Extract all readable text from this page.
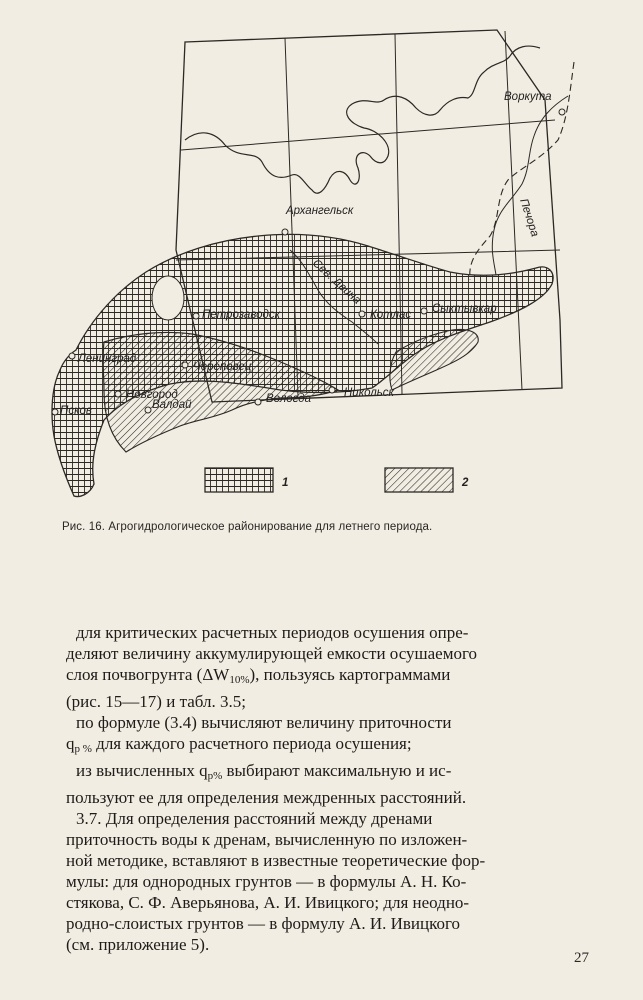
Воркута
Архангельск
Петрозаводск	Котлас Сыктывкар
Ленинград
Череповец
Новгород
Псков	Валдай	Вологда	Никольск
Печора
Сев. Двина
1	2
Рис. 16. Агрогидрологическое районирование для летнего периода.
для критических расчетных периодов осушения опре-
деляют величину аккумулирующей емкости осушаемого
слоя почвогрунта $(\Delta W_{10\%})$, пользуясь картограммами
(рис. 15—17) и табл. 3.5;
по формуле (3.4) вычисляют величину приточности
$q_{p \%}$ для каждого расчетного периода осушения;
из вычисленных $q_{p\%}$ выбирают максимальную и ис-
пользуют ее для определения междренных расстояний.
3.7. Для определения расстояний между дренами
приточность воды к дренам, вычисленную по изложен-
ной методике, вставляют в известные теоретические фор-
мулы: для однородных грунтов — в формулы А. Н. Ко-
стякова, С. Ф. Аверьянова, А. И. Ивицкого; для неодно-
родно-слоистых грунтов — в формулу А. И. Ивицкого
(см. приложение 5).
27
